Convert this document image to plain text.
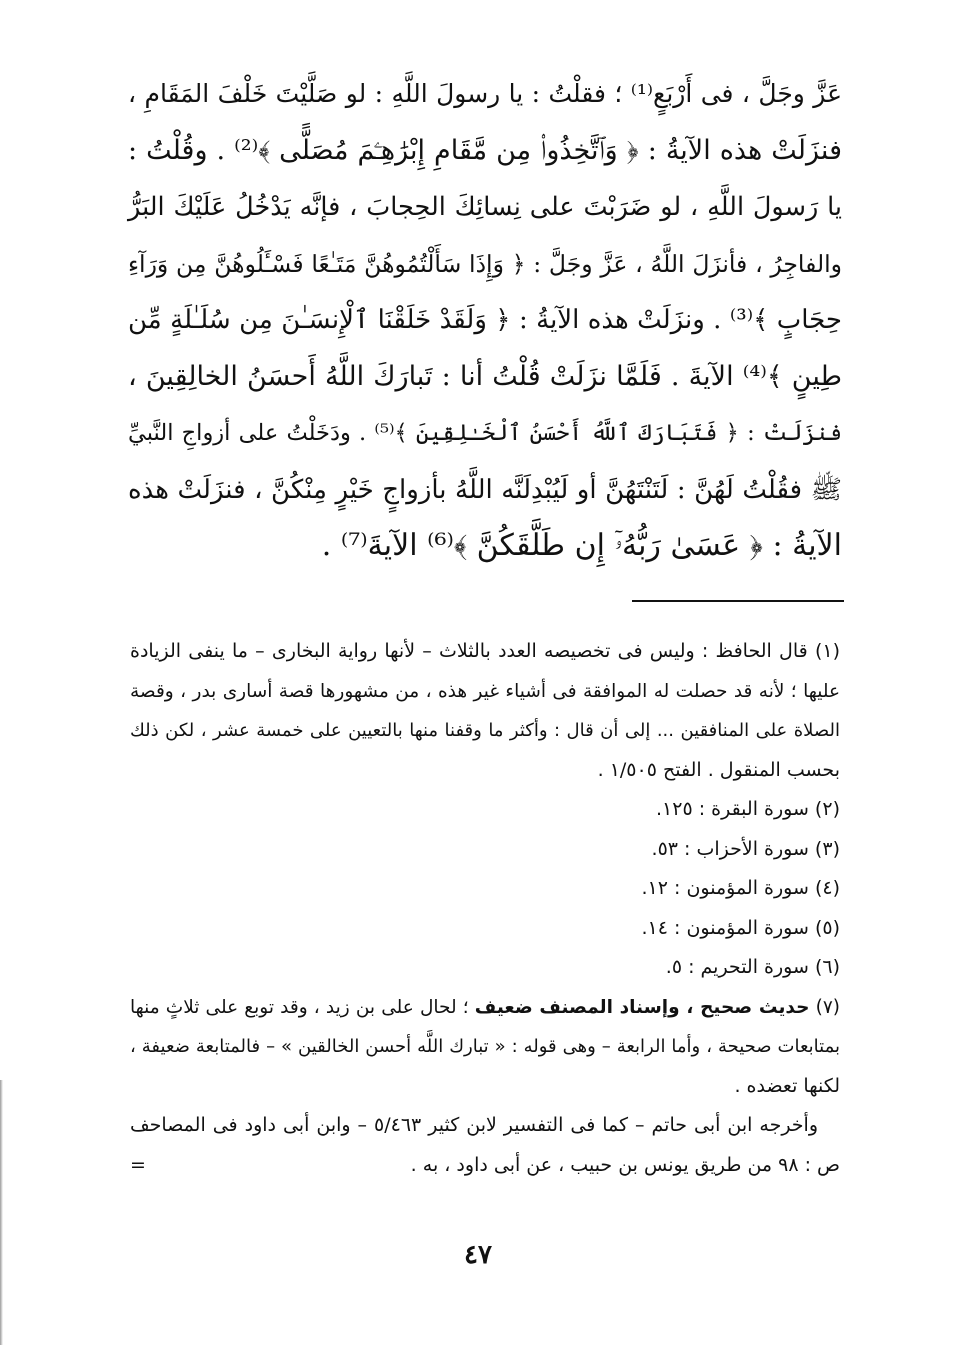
عَزَّ وجَلَّ ، فى أَرْبَعٍ⁽¹⁾ ؛ فقلْتُ : يا رسولَ اللَّهِ : لو صَلَّيْتَ خَلْفَ المَقَامِ ،
فنزَلَتْ هذه الآيةُ : ﴿ وَٱتَّخِذُوا۟ مِن مَّقَامِ إِبْرَٰهِـۧمَ مُصَلًّى ﴾⁽²⁾ . وقُلْتُ :
يا رَسولَ اللَّهِ ، لو ضَرَبْتَ على نِسائِكَ الحِجابَ ، فإنَّه يَدْخُلُ عَلَيْكَ البَرُّ
والفاجِرُ ، فأنزَلَ اللَّهُ ، عَزَّ وجَلَّ : ﴿ وَإِذَا سَأَلْتُمُوهُنَّ مَتَـٰعًا فَسْـَٔلُوهُنَّ مِن وَرَآءِ
حِجَابٍ ﴾⁽³⁾ . ونزَلَتْ هذه الآيةُ : ﴿ وَلَقَدْ خَلَقْنَا ٱلْإِنسَـٰنَ مِن سُلَـٰلَةٍ مِّن
طِينٍ ﴾⁽⁴⁾ الآيةَ . فَلَمَّا نزَلَتْ قُلْتُ أنا : تَبارَكَ اللَّهُ أَحسَنُ الخالِقِينَ ،
فنزَلَتْ : ﴿ فَتَبَارَكَ ٱللَّهُ أَحْسَنُ ٱلْخَـٰلِقِينَ ﴾⁽⁵⁾ . ودَخَلْتُ على أزواجِ النَّبيِّ
ﷺ فقُلْتُ لَهُنَّ : لَتَنْتَهُنَّ أو لَيُبْدِلَنَّه اللَّهُ بأزواجٍ خَيْرٍ مِنْكُنَّ ، فنزَلَتْ هذه
الآيةُ : ﴿ عَسَىٰ رَبُّهُۥٓ إِن طَلَّقَكُنَّ ﴾⁽⁶⁾ الآيةَ⁽⁷⁾ .
(١) قال الحافظ : وليس فى تخصيصه العدد بالثلاث – لأنها رواية البخارى – ما ينفى الزيادة
عليها ؛ لأنه قد حصلت له الموافقة فى أشياء غير هذه ، من مشهورها قصة أسارى بدر ، وقصة
الصلاة على المنافقين ... إلى أن قال : وأكثر ما وقفنا منها بالتعيين على خمسة عشر ، لكن ذلك
بحسب المنقول . الفتح ١/٥٠٥ .
(٢) سورة البقرة : ١٢٥.
(٣) سورة الأحزاب : ٥٣.
(٤) سورة المؤمنون : ١٢.
(٥) سورة المؤمنون : ١٤.
(٦) سورة التحريم : ٥.
(٧) حديث صحيح ، وإسناد المصنف ضعيف ؛ لحال على بن زيد ، وقد توبع على ثلاثٍ منها
بمتابعات صحيحة ، وأما الرابعة – وهى قوله : « تبارك اللَّه أحسن الخالقين » – فالمتابعة ضعيفة ،
لكنها تعضده .
وأخرجه ابن أبى حاتم – كما فى التفسير لابن كثير ٥/٤٦٣ – وابن أبى داود فى المصاحف
ص : ٩٨ من طريق يونس بن حبيب ، عن أبى داود ، به .
=
٤٧
